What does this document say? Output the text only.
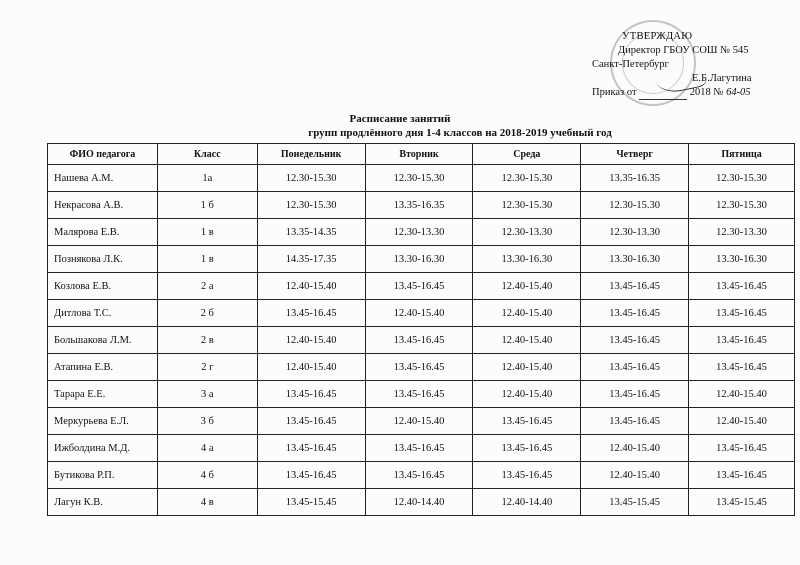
УТВЕРЖДАЮ
Директор ГБОУ СОШ № 545
Санкт-Петербург
Е.Б.Лагутина
Приказ от	2018 № 64-05
Расписание занятий
групп продлённого дня 1-4 классов на 2018-2019 учебный год
ФИО педагога	Класс	Понедельник	Вторник	Среда	Четверг	Пятница
Нашева А.М.	1а	12.30-15.30	12.30-15.30	12.30-15.30	13.35-16.35	12.30-15.30
Некрасова А.В.	1 б	12.30-15.30	13.35-16.35	12.30-15.30	12.30-15.30	12.30-15.30
Малярова Е.В.	1 в	13.35-14.35	12.30-13.30	12.30-13.30	12.30-13.30	12.30-13.30
Познякова Л.К.	1 в	14.35-17.35	13.30-16.30	13.30-16.30	13.30-16.30	13.30-16.30
Козлова Е.В.	2 а	12.40-15.40	13.45-16.45	12.40-15.40	13.45-16.45	13.45-16.45
Дитлова Т.С.	2 б	13.45-16.45	12.40-15.40	12.40-15.40	13.45-16.45	13.45-16.45
Большакова Л.М.	2 в	12.40-15.40	13.45-16.45	12.40-15.40	13.45-16.45	13.45-16.45
Атапина Е.В.	2 г	12.40-15.40	13.45-16.45	12.40-15.40	13.45-16.45	13.45-16.45
Тарара Е.Е.	3 а	13.45-16.45	13.45-16.45	12.40-15.40	13.45-16.45	12.40-15.40
Меркурьева Е.Л.	3 б	13.45-16.45	12.40-15.40	13.45-16.45	13.45-16.45	12.40-15.40
Ижболдина М.Д.	4 а	13.45-16.45	13.45-16.45	13.45-16.45	12.40-15.40	13.45-16.45
Бутикова Р.П.	4 б	13.45-16.45	13.45-16.45	13.45-16.45	12.40-15.40	13.45-16.45
Лагун К.В.	4 в	13.45-15.45	12.40-14.40	12.40-14.40	13.45-15.45	13.45-15.45
